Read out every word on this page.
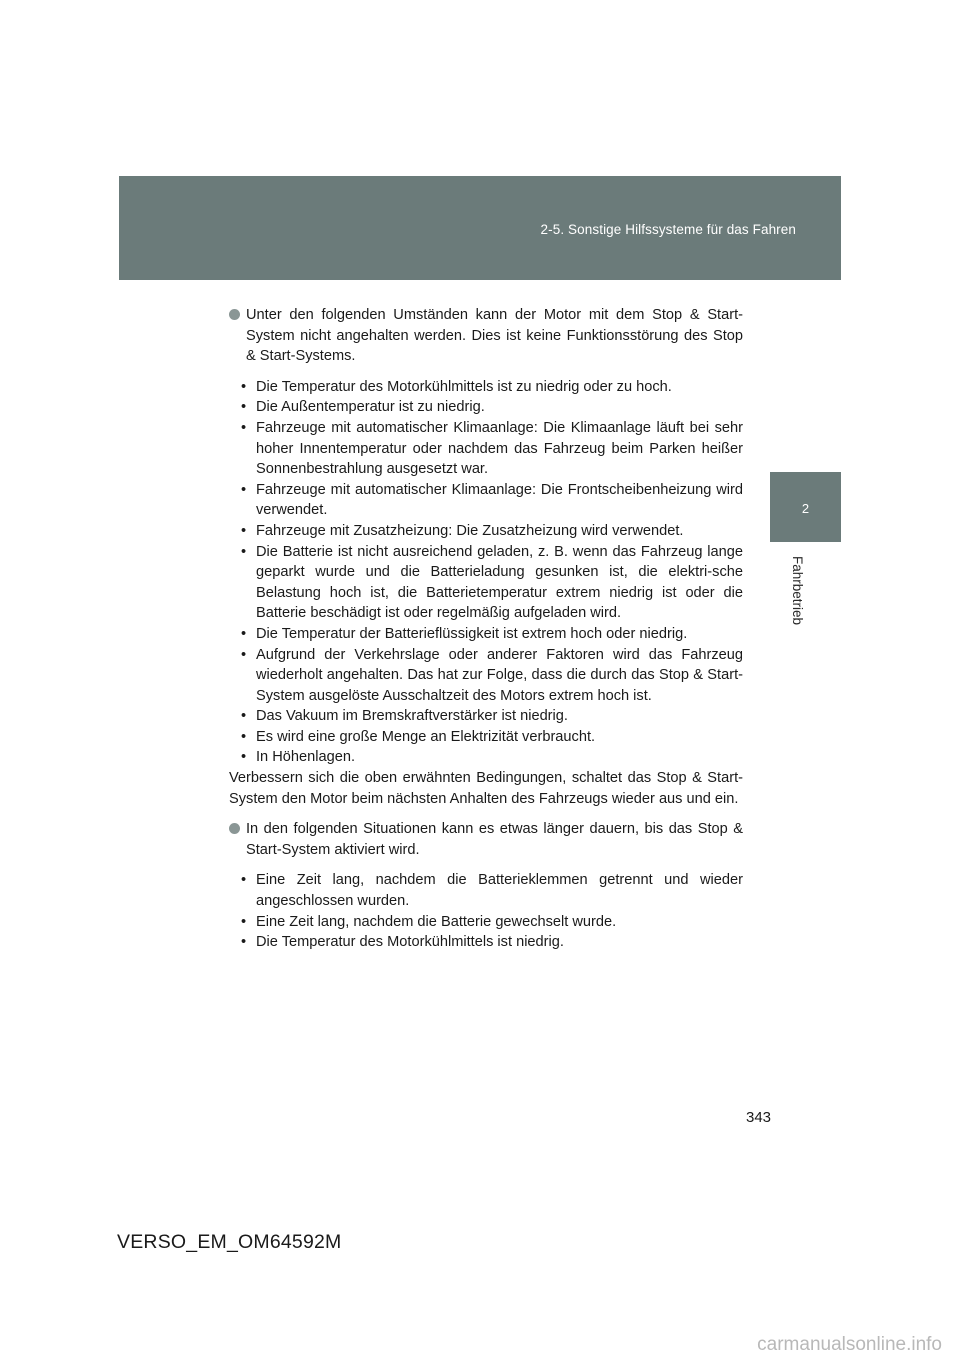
2-5. Sonstige Hilfssysteme für das Fahren
2
Fahrbetrieb

Unter den folgenden Umständen kann der Motor mit dem Stop & Start-System nicht angehalten werden. Dies ist keine Funktionsstörung des Stop & Start-Systems.

• Die Temperatur des Motorkühlmittels ist zu niedrig oder zu hoch.
• Die Außentemperatur ist zu niedrig.
• Fahrzeuge mit automatischer Klimaanlage: Die Klimaanlage läuft bei sehr hoher Innentemperatur oder nachdem das Fahrzeug beim Parken heißer Sonnenbestrahlung ausgesetzt war.
• Fahrzeuge mit automatischer Klimaanlage: Die Frontscheibenheizung wird verwendet.
• Fahrzeuge mit Zusatzheizung: Die Zusatzheizung wird verwendet.
• Die Batterie ist nicht ausreichend geladen, z. B. wenn das Fahrzeug lange geparkt wurde und die Batterieladung gesunken ist, die elektri-sche Belastung hoch ist, die Batterietemperatur extrem niedrig ist oder die Batterie beschädigt ist oder regelmäßig aufgeladen wird.
• Die Temperatur der Batterieflüssigkeit ist extrem hoch oder niedrig.
• Aufgrund der Verkehrslage oder anderer Faktoren wird das Fahrzeug wiederholt angehalten. Das hat zur Folge, dass die durch das Stop & Start-System ausgelöste Ausschaltzeit des Motors extrem hoch ist.
• Das Vakuum im Bremskraftverstärker ist niedrig.
• Es wird eine große Menge an Elektrizität verbraucht.
• In Höhenlagen.

Verbessern sich die oben erwähnten Bedingungen, schaltet das Stop & Start-System den Motor beim nächsten Anhalten des Fahrzeugs wieder aus und ein.

In den folgenden Situationen kann es etwas länger dauern, bis das Stop & Start-System aktiviert wird.

• Eine Zeit lang, nachdem die Batterieklemmen getrennt und wieder angeschlossen wurden.
• Eine Zeit lang, nachdem die Batterie gewechselt wurde.
• Die Temperatur des Motorkühlmittels ist niedrig.
343
VERSO_EM_OM64592M
carmanualsonline.info
